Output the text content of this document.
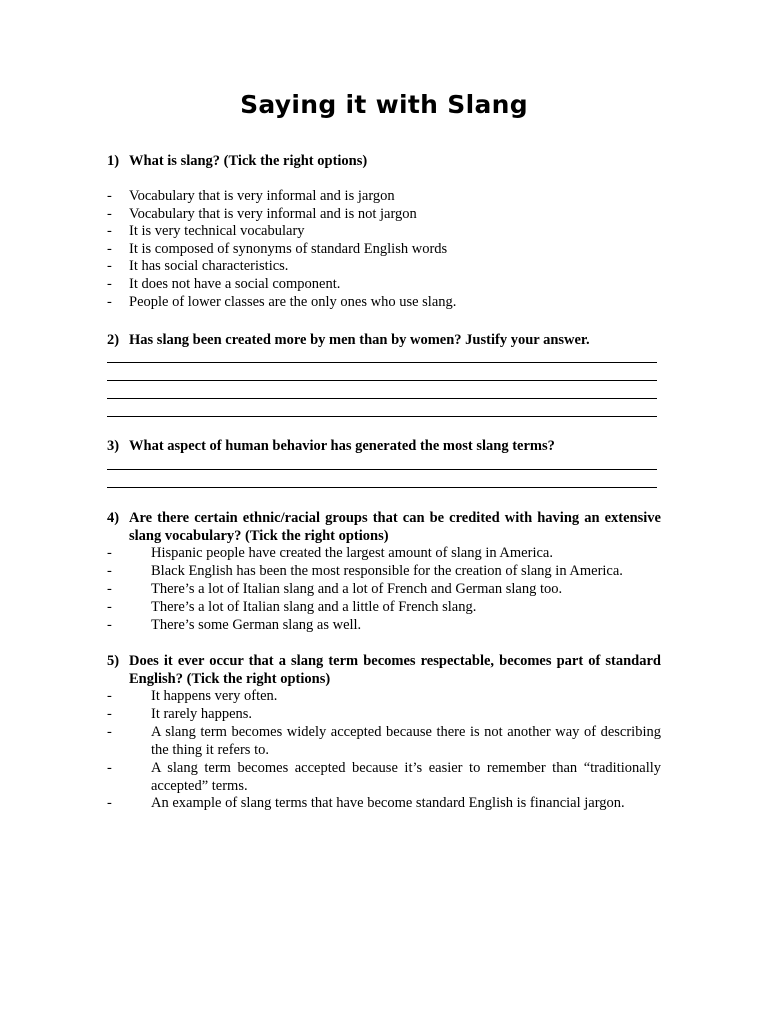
Saying it with Slang
1) What is slang? (Tick the right options)
- Vocabulary that is very informal and is jargon
- Vocabulary that is very informal and is not jargon
- It is very technical vocabulary
- It is composed of synonyms of standard English words
- It has social characteristics.
- It does not have a social component.
- People of lower classes are the only ones who use slang.
2) Has slang been created more by men than by women? Justify your answer.
3) What aspect of human behavior has generated the most slang terms?
4) Are there certain ethnic/racial groups that can be credited with having an extensive slang vocabulary? (Tick the right options)
-	Hispanic people have created the largest amount of slang in America.
-	Black English has been the most responsible for the creation of slang in America.
-	There’s a lot of Italian slang and a lot of French and German slang too.
-	There’s a lot of Italian slang and a little of French slang.
-	There’s some German slang as well.
5) Does it ever occur that a slang term becomes respectable, becomes part of standard English? (Tick the right options)
-	It happens very often.
-	It rarely happens.
-	A slang term becomes widely accepted because there is not another way of describing the thing it refers to.
-	A slang term becomes accepted because it’s easier to remember than “traditionally accepted” terms.
-	An example of slang terms that have become standard English is financial jargon.
